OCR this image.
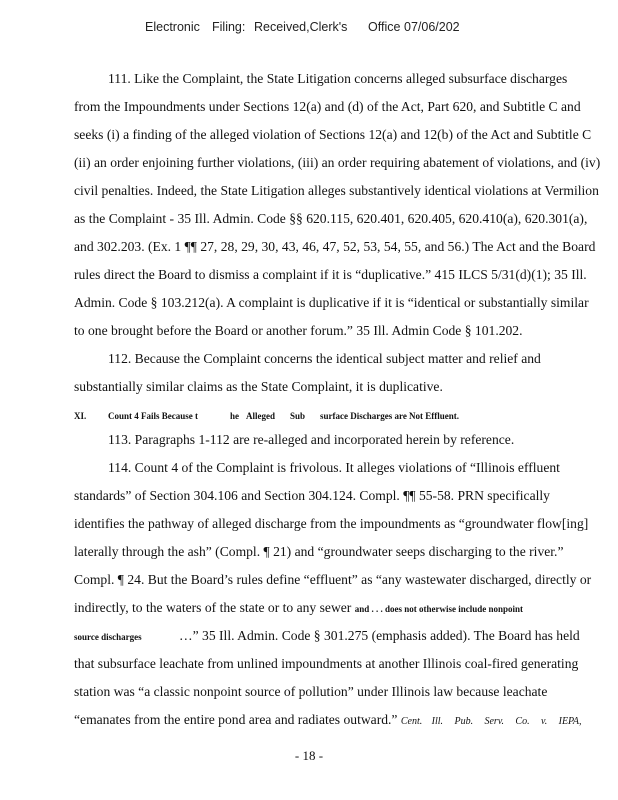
Electronic Filing: Received,Clerk's Office 07/06/202
111. Like the Complaint, the State Litigation concerns alleged subsurface discharges
from the Impoundments under Sections 12(a) and (d) of the Act, Part 620, and Subtitle C and
seeks (i) a finding of the alleged violation of Sections 12(a) and 12(b) of the Act and Subtitle C
(ii) an order enjoining further violations, (iii) an order requiring abatement of violations, and (iv)
civil penalties. Indeed, the State Litigation alleges substantively identical violations at Vermilion
as the Complaint - 35 Ill. Admin. Code §§ 620.115, 620.401, 620.405, 620.410(a), 620.301(a),
and 302.203. (Ex. 1 ¶¶ 27, 28, 29, 30, 43, 46, 47, 52, 53, 54, 55, and 56.) The Act and the Board
rules direct the Board to dismiss a complaint if it is “duplicative.” 415 ILCS 5/31(d)(1); 35 Ill.
Admin. Code § 103.212(a). A complaint is duplicative if it is “identical or substantially similar
to one brought before the Board or another forum.” 35 Ill. Admin Code § 101.202.
112. Because the Complaint concerns the identical subject matter and relief and
substantially similar claims as the State Complaint, it is duplicative.
XI. Count 4 Fails Because t	he Alleged Sub surface Discharges are Not Effluent.
113. Paragraphs 1-112 are re-alleged and incorporated herein by reference.
114. Count 4 of the Complaint is frivolous. It alleges violations of “Illinois effluent
standards” of Section 304.106 and Section 304.124. Compl. ¶¶ 55-58. PRN specifically
identifies the pathway of alleged discharge from the impoundments as “groundwater flow[ing]
laterally through the ash” (Compl. ¶ 21) and “groundwater seeps discharging to the river.”
Compl. ¶ 24. But the Board’s rules define “effluent” as “any wastewater discharged, directly or
indirectly, to the waters of the state or to any sewer and . . . does not otherwise include nonpoint
source discharges	…” 35 Ill. Admin. Code § 301.275 (emphasis added). The Board has held
that subsurface leachate from unlined impoundments at another Illinois coal-fired generating
station was “a classic nonpoint source of pollution” under Illinois law because leachate
“emanates from the entire pond area and radiates outward.” Cent. Ill. Pub. Serv. Co. v. IEPA,
- 18 -
